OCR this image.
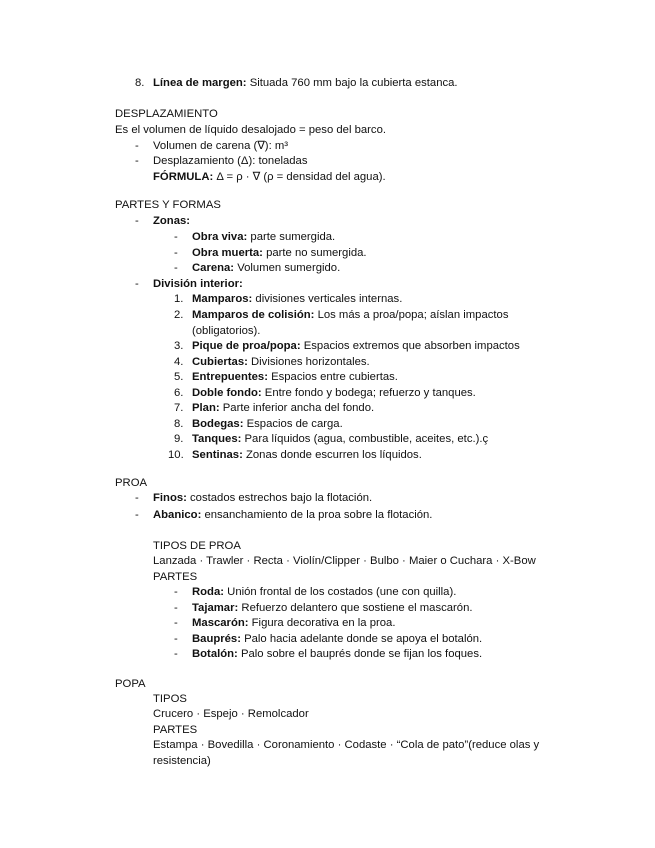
8. Línea de margen: Situada 760 mm bajo la cubierta estanca.
DESPLAZAMIENTO
Es el volumen de líquido desalojado = peso del barco.
- Volumen de carena (∇): m³
- Desplazamiento (Δ): toneladas
FÓRMULA: Δ = ρ · ∇ (ρ = densidad del agua).
PARTES Y FORMAS
- Zonas:
- Obra viva: parte sumergida.
- Obra muerta: parte no sumergida.
- Carena: Volumen sumergido.
- División interior:
1. Mamparos: divisiones verticales internas.
2. Mamparos de colisión: Los más a proa/popa; aíslan impactos
(obligatorios).
3. Pique de proa/popa: Espacios extremos que absorben impactos
4. Cubiertas: Divisiones horizontales.
5. Entrepuentes: Espacios entre cubiertas.
6. Doble fondo: Entre fondo y bodega; refuerzo y tanques.
7. Plan: Parte inferior ancha del fondo.
8. Bodegas: Espacios de carga.
9. Tanques: Para líquidos (agua, combustible, aceites, etc.).ç
10. Sentinas: Zonas donde escurren los líquidos.
PROA
- Finos: costados estrechos bajo la flotación.
- Abanico: ensanchamiento de la proa sobre la flotación.
TIPOS DE PROA
Lanzada · Trawler · Recta · Violín/Clipper · Bulbo · Maier o Cuchara · X-Bow
PARTES
- Roda: Unión frontal de los costados (une con quilla).
- Tajamar: Refuerzo delantero que sostiene el mascarón.
- Mascarón: Figura decorativa en la proa.
- Bauprés: Palo hacia adelante donde se apoya el botalón.
- Botalón: Palo sobre el bauprés donde se fijan los foques.
POPA
TIPOS
Crucero · Espejo · Remolcador
PARTES
Estampa · Bovedilla · Coronamiento · Codaste · “Cola de pato”(reduce olas y
resistencia)
